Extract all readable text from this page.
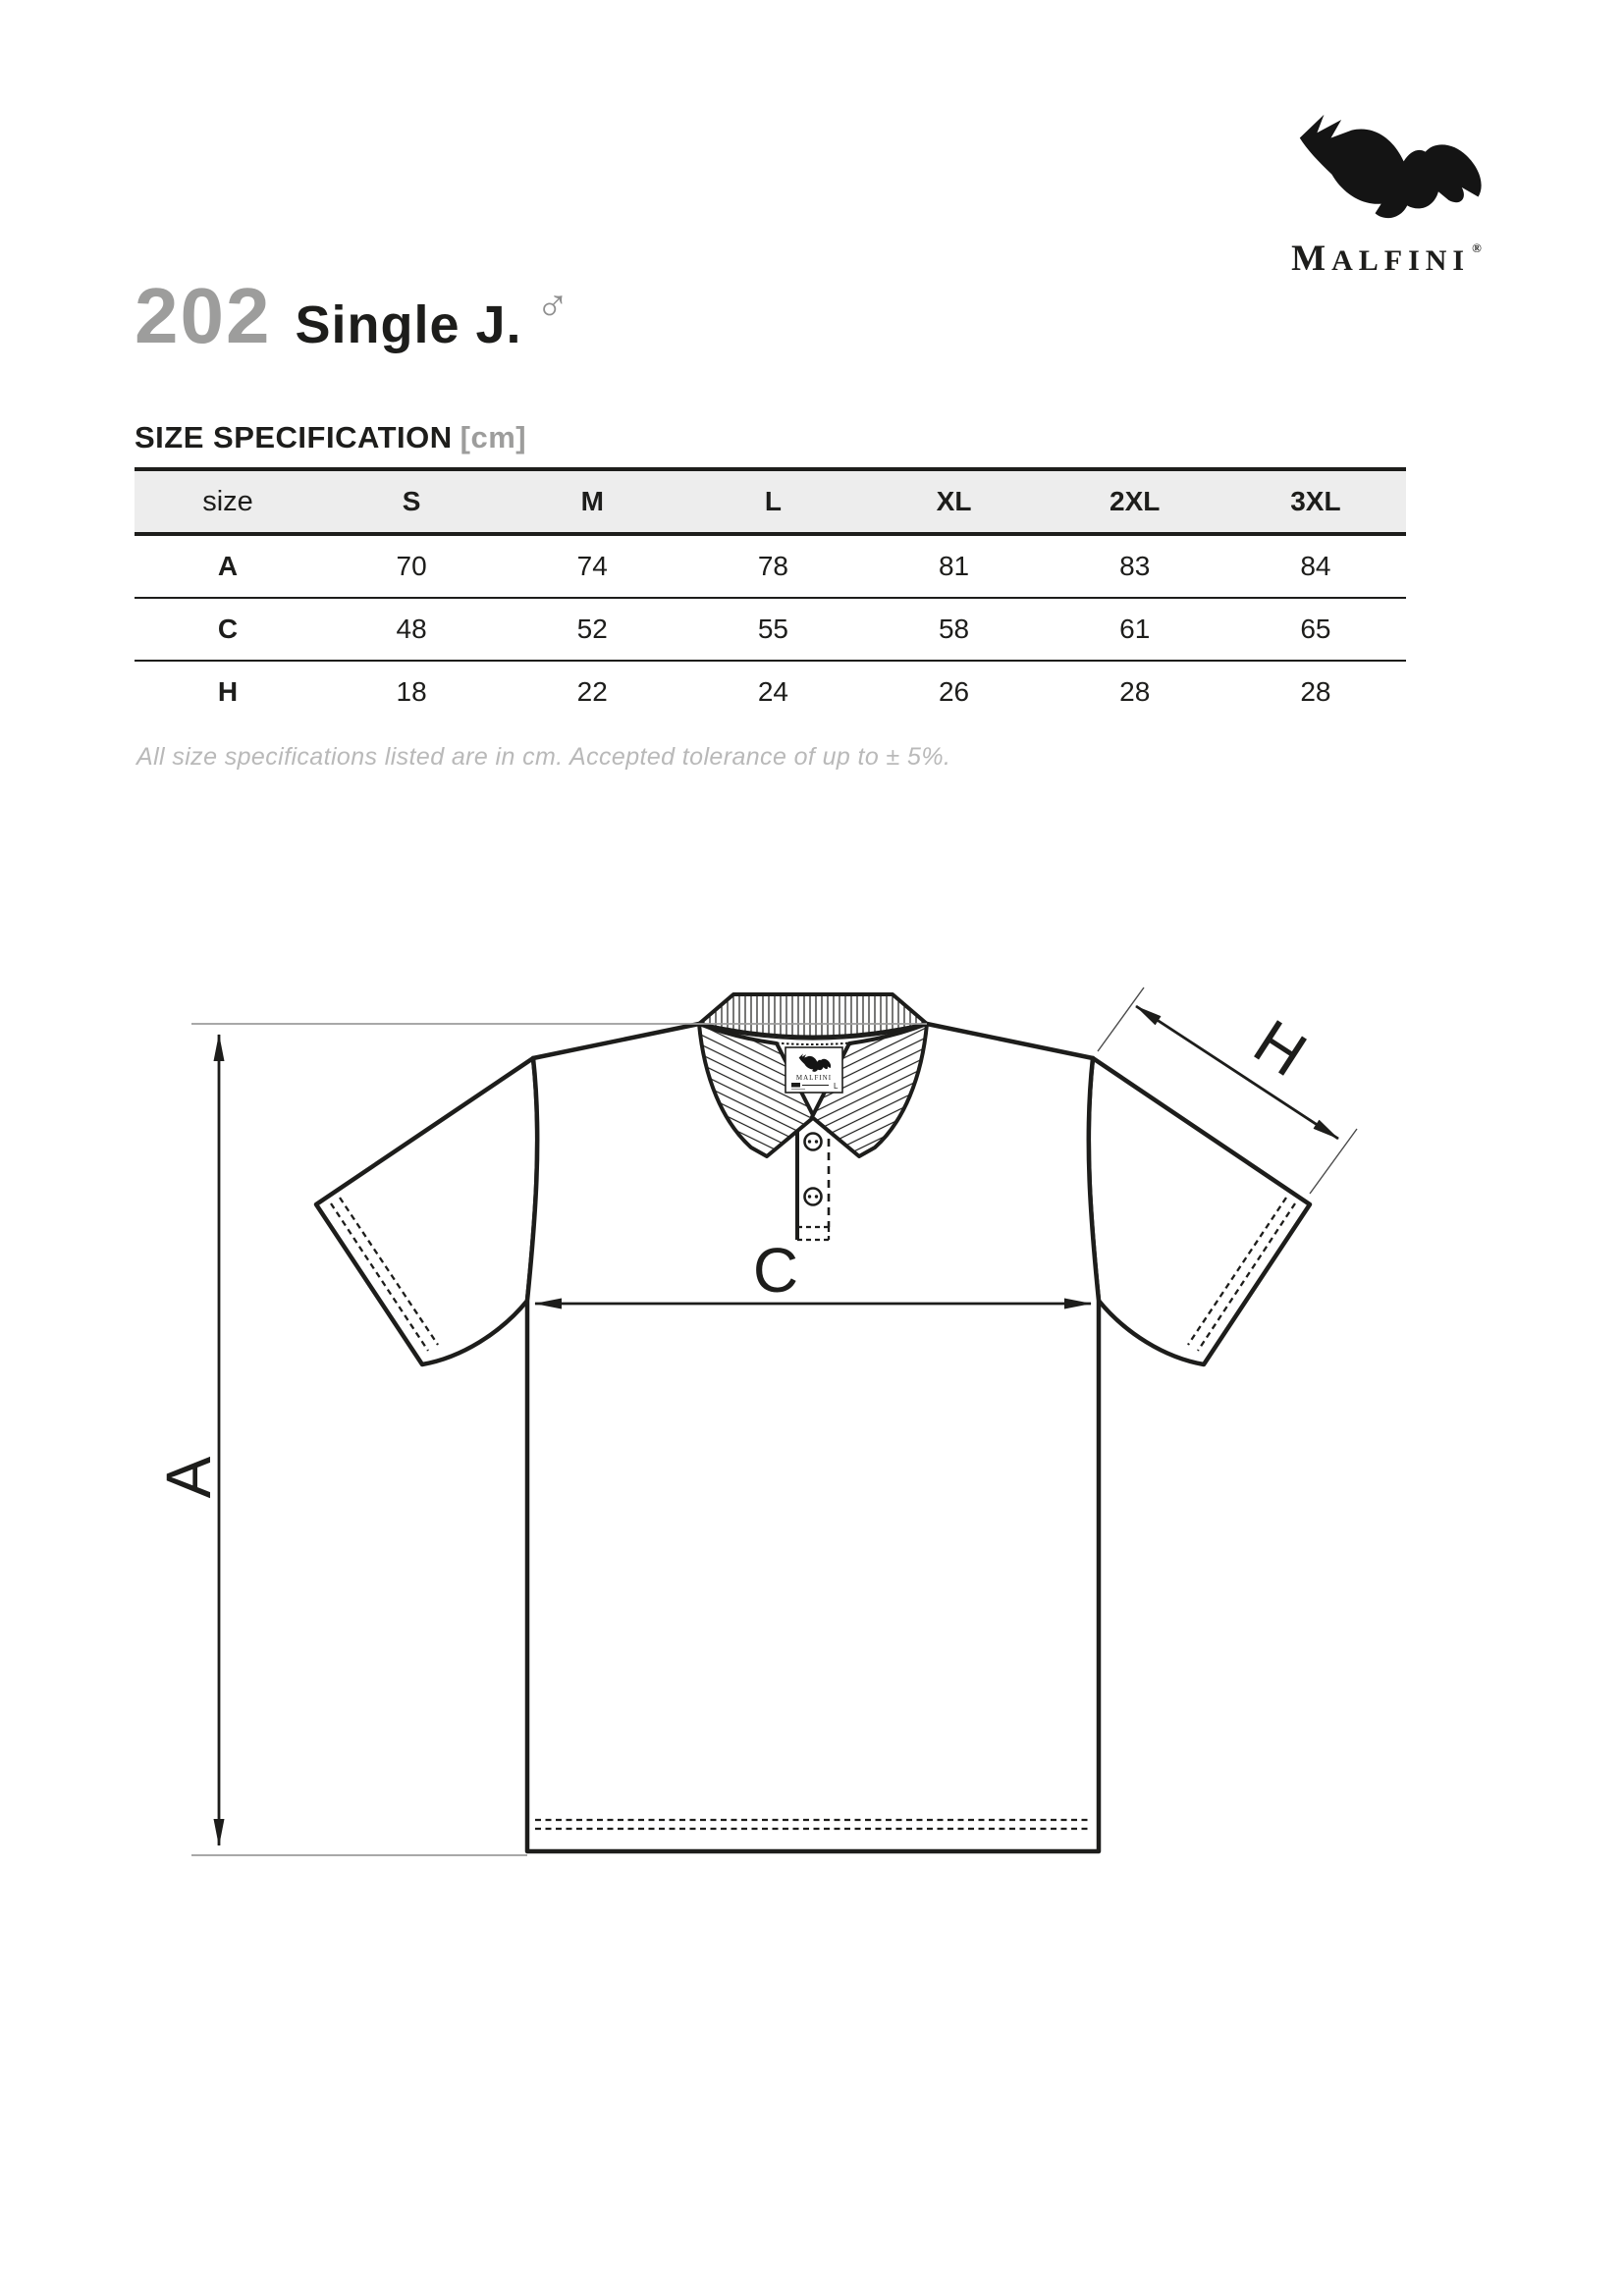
MALFINI ®
202 Single J. ♂
SIZE SPECIFICATION [cm]
size	S	M	L	XL	2XL	3XL
A	70	74	78	81	83	84
C	48	52	55	58	61	65
H	18	22	24	26	28	28

All size specifications listed are in cm. Accepted tolerance of up to ± 5%.

MALFINI
L
A
C
H
